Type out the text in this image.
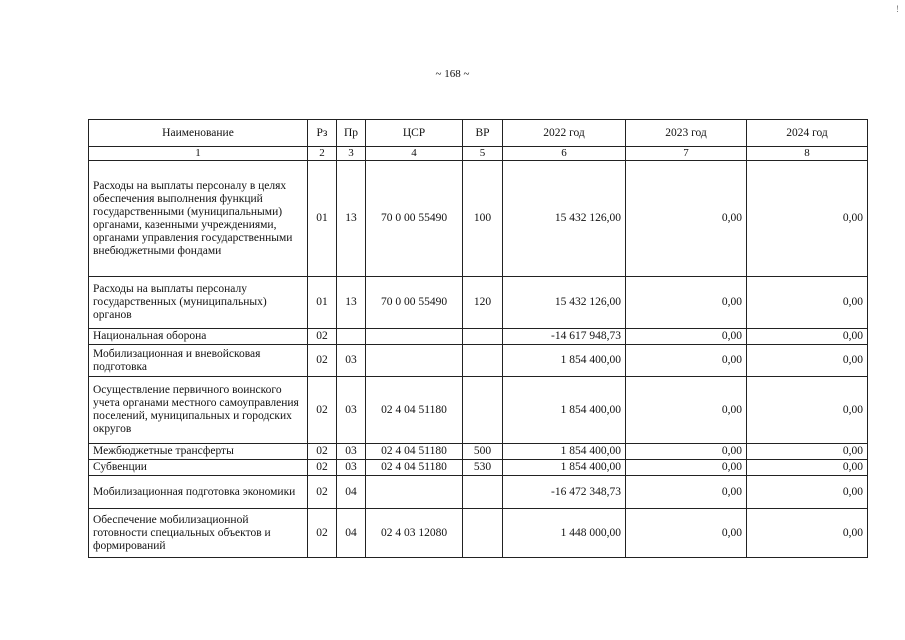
!
~ 168 ~
Наименование	Рз	Пр	ЦСР	ВР	2022 год	2023 год	2024 год
1	2	3	4	5	6	7	8
Расходы на выплаты персоналу в целях обеспечения выполнения функций государственными (муниципальными) органами, казенными учреждениями, органами управления государственными внебюджетными фондами	01	13	70 0 00 55490	100	15 432 126,00	0,00	0,00
Расходы на выплаты персоналу государственных (муниципальных) органов	01	13	70 0 00 55490	120	15 432 126,00	0,00	0,00
Национальная оборона	02				-14 617 948,73	0,00	0,00
Мобилизационная и вневойсковая подготовка	02	03			1 854 400,00	0,00	0,00
Осуществление первичного воинского учета органами местного самоуправления поселений, муниципальных и городских округов	02	03	02 4 04 51180		1 854 400,00	0,00	0,00
Межбюджетные трансферты	02	03	02 4 04 51180	500	1 854 400,00	0,00	0,00
Субвенции	02	03	02 4 04 51180	530	1 854 400,00	0,00	0,00
Мобилизационная подготовка экономики	02	04			-16 472 348,73	0,00	0,00
Обеспечение мобилизационной готовности специальных объектов и формирований	02	04	02 4 03 12080		1 448 000,00	0,00	0,00
